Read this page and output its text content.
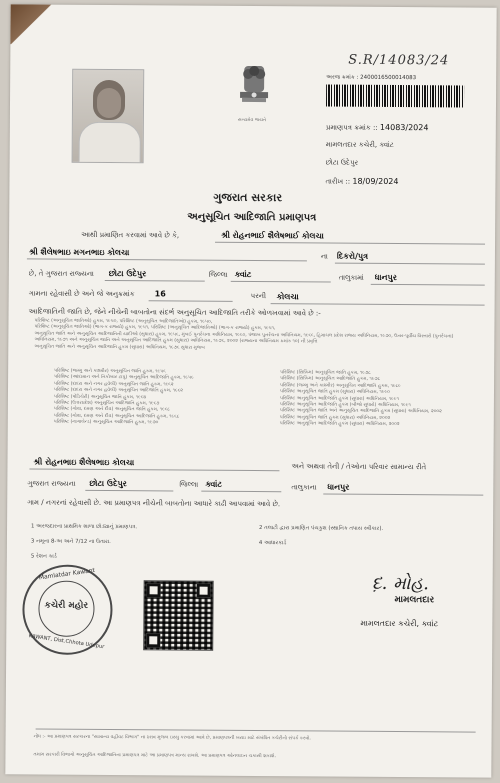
સત્યમેવ જયતે
S.R/14083/24
અરજ ક્રમાંક : 2400016500014083
પ્રમાણપત્ર ક્રમાંક :: 14083/2024
મામલતદાર કચેરી, ક્વાંટ
છોટા ઉદેપુર
તારીખ :: 18/09/2024
ગુજરાત સરકાર
અનુસૂચિત આદિજાતિ પ્રમાણપત્ર
આથી પ્રમાણિત કરવામાં આવે છે કે,	શ્રી રોહનભાઈ શૈલેષભાઈ કોલચા
શ્રી શૈલેષભાઇ મગનભાઇ કોલચા	ના દિકરો/પુત્ર
છે, તે ગુજરાત રાજ્યના છોટા ઉદેપુર	જિલ્લા ક્વાંટ	તાલુકામાં ધાનપુર
ગામના રહેવાસી છે અને જે અનુક્રમાંક 16	પરની કોલચા
આદિજાતિની જાતિ છે, જેને નીચેની બાબતોના સંદર્ભ અનુસૂચિત આદિજાતિ તરીકે ઓળખવામાં આવે છે :-
પરિશિષ્ટ (અનુસૂચિત જાતિઓ) હુકમ, ૧૯૫૦, પરિશિષ્ટ (અનુસૂચિત આદિજાતિઓ) હુકમ, ૧૯૫૦,
પરિશિષ્ટ (અનુસૂચિત જાતિઓ) (ભાગ-ક રાજ્યો) હુકમ, ૧૯૫૧, પરિશિષ્ટ (અનુસૂચિત આદિજાતિઓ) (ભાગ-ક રાજ્યો) હુકમ, ૧૯૫૧,
અનુસૂચિત જાતિ અને અનુસૂચિત આદિજાતિની યાદીઓ (સુધારા) હુકમ, ૧૯૫૬, મુંબઈ પુનર્રચના અધિનિયમ, ૧૯૬૦, પંજાબ પુનર્રચના અધિનિયમ, ૧૯૬૬, હિમાચલ પ્રદેશ રાજ્ય અધિનિયમ, ૧૯૭૦, ઉત્તર-પૂર્વીય વિસ્તારો (પુનર્રચના)
અધિનિયમ, ૧૯૭૧ અને અનુસૂચિત જાતિ અને અનુસૂચિત આદિજાતિ હુકમ (સુધારા) અધિનિયમ, ૧૯૭૬, ૨૦૦૨ (રાજ્યના અધિનિયમ ક્રમાંક ૧૦) ની પ્રવૃત્તિ
અનુસૂચિત જાતિ અને અનુસૂચિત આદિજાતિ હુકમ (સુધારા) અધિનિયમ, ૧૯૭૬ સુધારા મુજબ
પરિશિષ્ટ (જમ્મુ અને કાશ્મીર) અનુસૂચિત જાતિ હુકમ, ૧૯૫૬
પરિશિષ્ટ (આંદામાન અને નિકોબાર ટાપુ) અનુસૂચિત આદિજાતિ હુકમ, ૧૯૫૯
પરિશિષ્ટ (દાદરા અને નગર હવેલી) અનુસૂચિત જાતિ હુકમ, ૧૯૬૨
પરિશિષ્ટ (દાદરા અને નગર હવેલી) અનુસૂચિત આદિજાતિ હુકમ, ૧૯૬૨
પરિશિષ્ટ (પોંડિચેરી) અનુસૂચિત જાતિ હુકમ, ૧૯૬૪
પરિશિષ્ટ (ઉત્તરપ્રદેશ) અનુસૂચિત આદિજાતિ હુકમ, ૧૯૬૭
પરિશિષ્ટ (ગોવા, દમણ અને દીવ) અનુસૂચિત જાતિ હુકમ, ૧૯૬૮
પરિશિષ્ટ (ગોવા, દમણ અને દીવ) અનુસૂચિત આદિજાતિ હુકમ, ૧૯૬૮
પરિશિષ્ટ (નાગાલેન્ડ) અનુસૂચિત આદિજાતિ હુકમ, ૧૯૭૦
પરિશિષ્ટ (સિક્કિમ) અનુસૂચિત જાતિ હુકમ, ૧૯૭૮
પરિશિષ્ટ (સિક્કિમ) અનુસૂચિત આદિજાતિ હુકમ, ૧૯૭૮
પરિશિષ્ટ (જમ્મુ અને કાશ્મીર) અનુસૂચિત આદિજાતિ હુકમ, ૧૯૮૯
પરિશિષ્ટ અનુસૂચિત જાતિ હુકમ (સુધારા) અધિનિયમ, ૧૯૯૦
પરિશિષ્ટ અનુસૂચિત આદિજાતિ હુકમ (સુધારા) અધિનિયમ, ૧૯૯૧
પરિશિષ્ટ અનુસૂચિત આદિજાતિ હુકમ (બીજો સુધારો) અધિનિયમ, ૧૯૯૧
પરિશિષ્ટ અનુસૂચિત જાતિ અને અનુસૂચિત આદિજાતિ હુકમ (સુધારા) અધિનિયમ, ૨૦૦૨
પરિશિષ્ટ અનુસૂચિત જાતિ હુકમ (સુધારા) અધિનિયમ, ૨૦૦૨
પરિશિષ્ટ અનુસૂચિત આદિજાતિ હુકમ (સુધારા) અધિનિયમ, ૨૦૦૨
શ્રી રોહનભાઇ શૈલેષભાઇ કોલચા	અને અથવા તેની / તેઓના પરિવાર સામાન્ય રીતે
ગુજરાત રાજ્યના છોટા ઉદેપુર	જિલ્લા ક્વાંટ	તાલુકાના ધાનપુર
ગામ / નગરનાં રહેવાસી છે. આ પ્રમાણપત્ર નીચેની બાબતોના આધારે કાઢી આપવામાં આવે છે.
1 અરજદારના પ્રાથમિક શાળા છોડ્યાનું પ્રમાણપત્ર.	2 તલાટી દ્વારા પ્રમાણિત પંચકુશ (સ્થાનિક તપાસ સ્વીકાર).
3 નમૂના 8-અ અને 7/12 ના ઉતારા.	4 આધારકાર્ડ
5 રેશન કાર્ડ
Mamlatdar Kawant
કચેરી મહોર
KAWANT, Dist.Chhota Udepur
દ઼. મોહ.
મામલતદાર
મામલતદાર કચેરી, ક્વાંટ
નોંધ :- આ પ્રમાણપત્ર સરકારના "સામાન્ય વહીવટ વિભાગ" ના ઠરાવ મુજબ ઇસ્યુ કરવામાં આવે છે, પ્રમાણપત્રની ખરાઇ માટે સંબંધિત કચેરીનો સંપર્ક કરવો.
તમામ સરકારી વિભાગો અનુસૂચિત આદિજાતિના પ્રમાણપત્ર માટે આ પ્રમાણપત્ર માન્ય રાખશે. આ પ્રમાણપત્ર ઓનલાઇન ચકાસી શકાશે.
